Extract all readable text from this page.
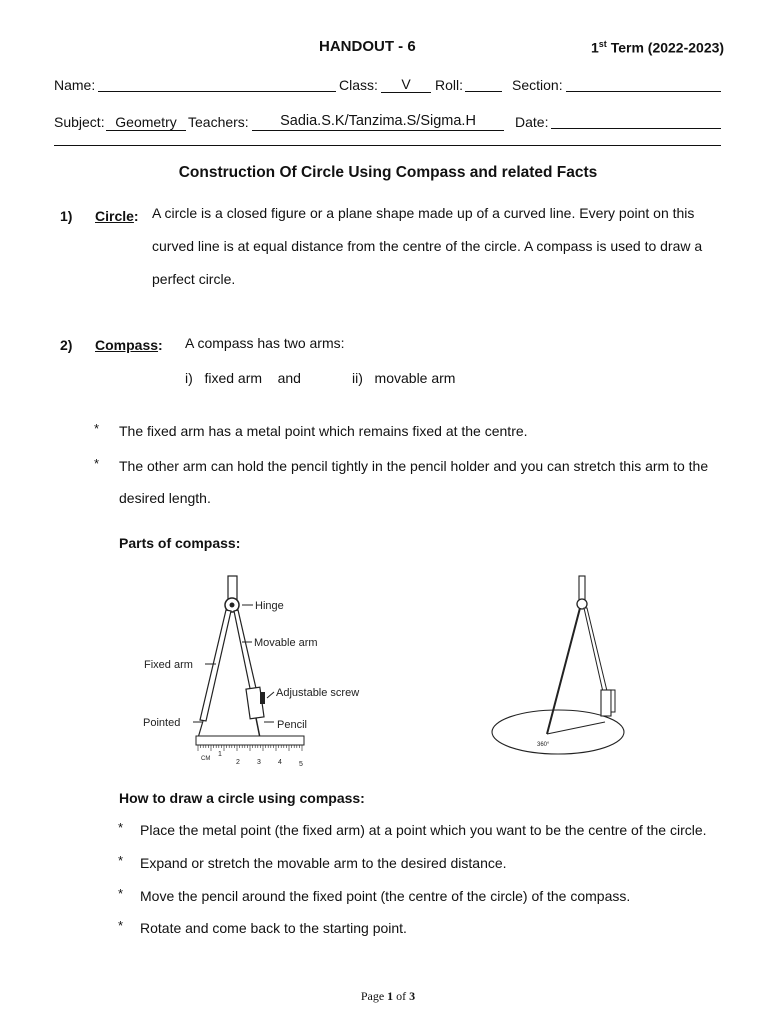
HANDOUT - 6	1st Term (2022-2023)
Name:	Class:	V	Roll:	Section:
Subject: Geometry Teachers:	Sadia.S.K/Tanzima.S/Sigma.H	Date:
Construction Of Circle Using Compass and related Facts
1) Circle: A circle is a closed figure or a plane shape made up of a curved line. Every point on this
curved line is at equal distance from the centre of the circle. A compass is used to draw a
perfect circle.
2) Compass: A compass has two arms:
i)   fixed arm    and	ii)   movable arm
* The fixed arm has a metal point which remains fixed at the centre.
* The other arm can hold the pencil tightly in the pencil holder and you can stretch this arm to the
desired length.
Parts of compass:
Hinge
Movable arm
Fixed arm
Adjustable screw
Pointed	Pencil
CM
1
2 3 4 5
360°
How to draw a circle using compass:
* Place the metal point (the fixed arm) at a point which you want to be the centre of the circle.
* Expand or stretch the movable arm to the desired distance.
* Move the pencil around the fixed point (the centre of the circle) of the compass.
* Rotate and come back to the starting point.
Page 1 of 3
